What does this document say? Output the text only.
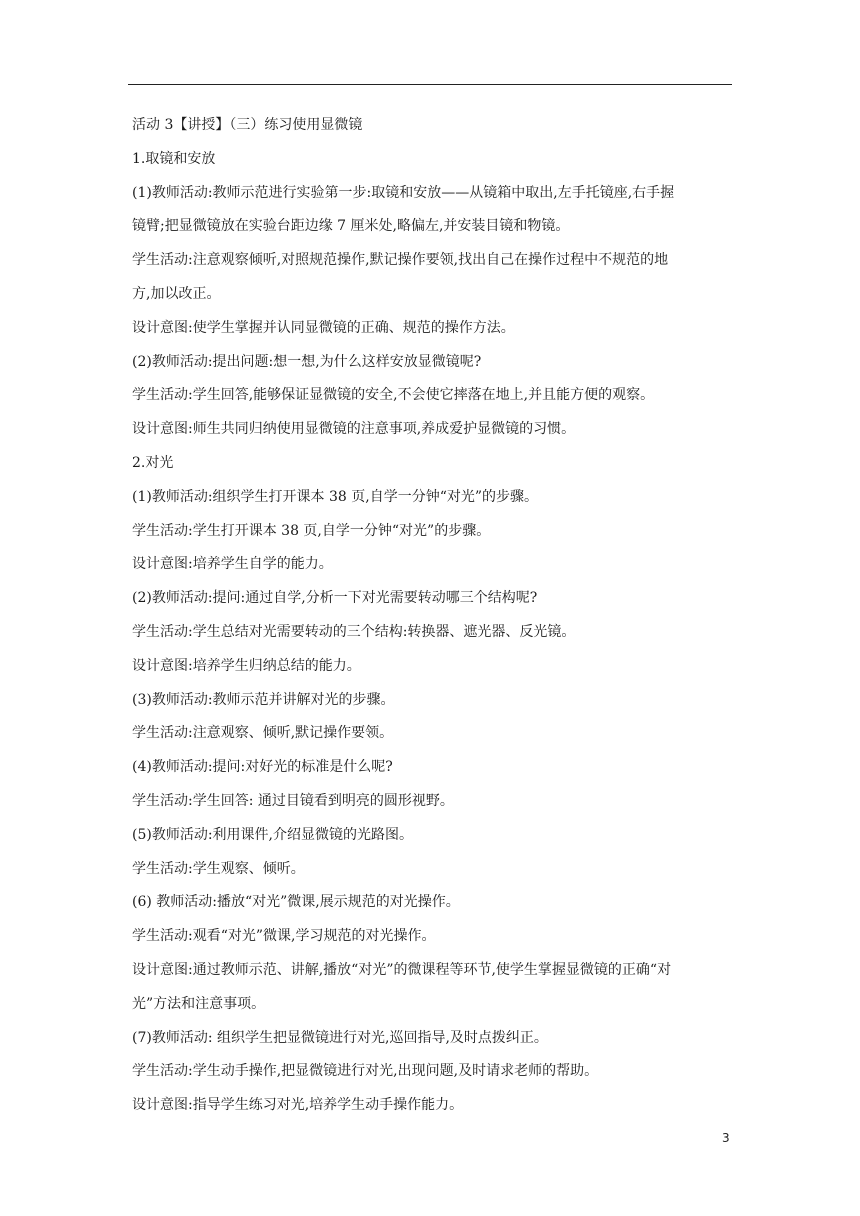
活动 3【讲授】（三）练习使用显微镜
1.取镜和安放
(1)教师活动:教师示范进行实验第一步:取镜和安放——从镜箱中取出,左手托镜座,右手握
镜臂;把显微镜放在实验台距边缘 7 厘米处,略偏左,并安装目镜和物镜。
学生活动:注意观察倾听,对照规范操作,默记操作要领,找出自己在操作过程中不规范的地
方,加以改正。
设计意图:使学生掌握并认同显微镜的正确、规范的操作方法。
(2)教师活动:提出问题:想一想,为什么这样安放显微镜呢?
学生活动:学生回答,能够保证显微镜的安全,不会使它摔落在地上,并且能方便的观察。
设计意图:师生共同归纳使用显微镜的注意事项,养成爱护显微镜的习惯。
2.对光
(1)教师活动:组织学生打开课本 38 页,自学一分钟“对光”的步骤。
学生活动:学生打开课本 38 页,自学一分钟“对光”的步骤。
设计意图:培养学生自学的能力。
(2)教师活动:提问:通过自学,分析一下对光需要转动哪三个结构呢?
学生活动:学生总结对光需要转动的三个结构:转换器、遮光器、反光镜。
设计意图:培养学生归纳总结的能力。
(3)教师活动:教师示范并讲解对光的步骤。
学生活动:注意观察、倾听,默记操作要领。
(4)教师活动:提问:对好光的标准是什么呢?
学生活动:学生回答: 通过目镜看到明亮的圆形视野。
(5)教师活动:利用课件,介绍显微镜的光路图。
学生活动:学生观察、倾听。
(6) 教师活动:播放“对光”微课,展示规范的对光操作。
学生活动:观看“对光”微课,学习规范的对光操作。
设计意图:通过教师示范、讲解,播放“对光”的微课程等环节,使学生掌握显微镜的正确“对
光”方法和注意事项。
(7)教师活动: 组织学生把显微镜进行对光,巡回指导,及时点拨纠正。
学生活动:学生动手操作,把显微镜进行对光,出现问题,及时请求老师的帮助。
设计意图:指导学生练习对光,培养学生动手操作能力。
3
